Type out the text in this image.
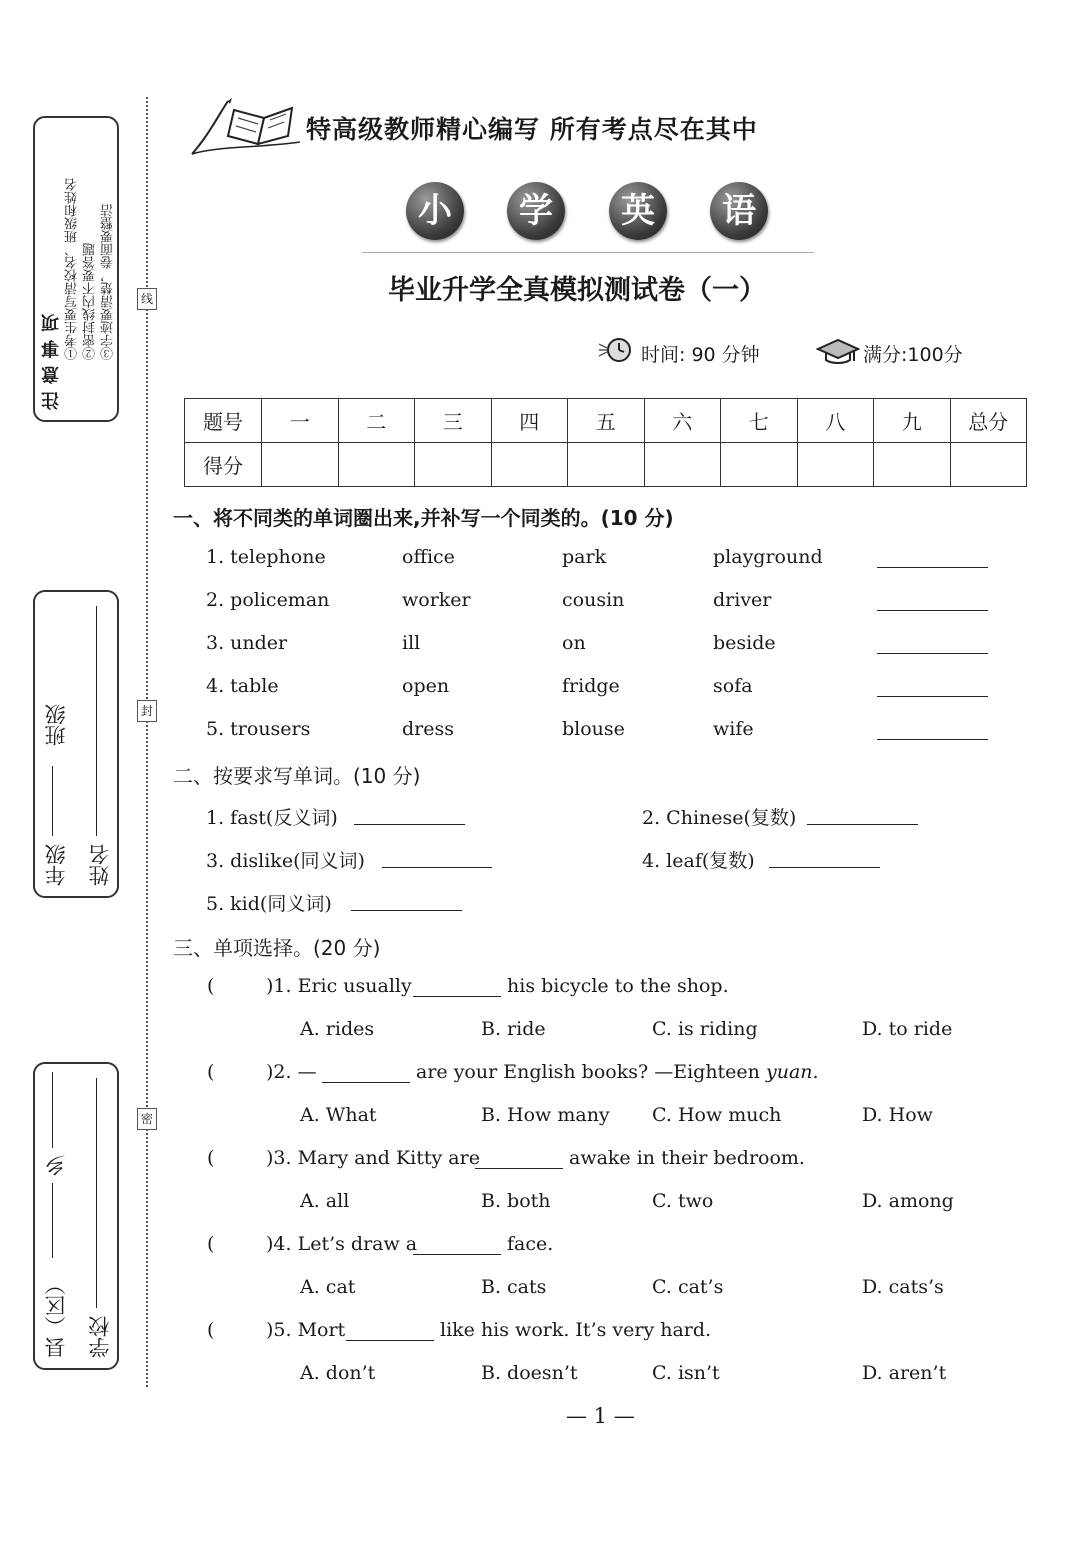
注意事项 ①考生要写清校名、班级和姓名 ②密封线内不要答题 ③字迹要清楚，卷面要整洁
年级
班级
姓名
县（区）
乡
学校
线
封
密
特高级教师精心编写 所有考点尽在其中
小	学	英	语
毕业升学全真模拟测试卷（一）
时间: 90 分钟	满分:100分
题号	一	二	三	四	五	六	七	八	九	总分
得分										
一、将不同类的单词圈出来,并补写一个同类的。(10 分)
1. telephone	office	park	playground
2. policeman	worker	cousin	driver
3. under	ill	on	beside
4. table	open	fridge	sofa
5. trousers	dress	blouse	wife
二、按要求写单词。(10 分)
1. fast(反义词)	2. Chinese(复数)
3. dislike(同义词)	4. leaf(复数)
5. kid(同义词)
三、单项选择。(20 分)
(	)1. Eric usually	his bicycle to the shop.
A. rides	B. ride	C. is riding	D. to ride
(	)2. —	are your English books? —Eighteen yuan.
A. What	B. How many C. How much	D. How
(	)3. Mary and Kitty are	awake in their bedroom.
A. all	B. both	C. two	D. among
(	)4. Let’s draw a	face.
A. cat	B. cats	C. cat’s	D. cats’s
(	)5. Mort	like his work. It’s very hard.
A. don’t	B. doesn’t	C. isn’t	D. aren’t
— 1 —
